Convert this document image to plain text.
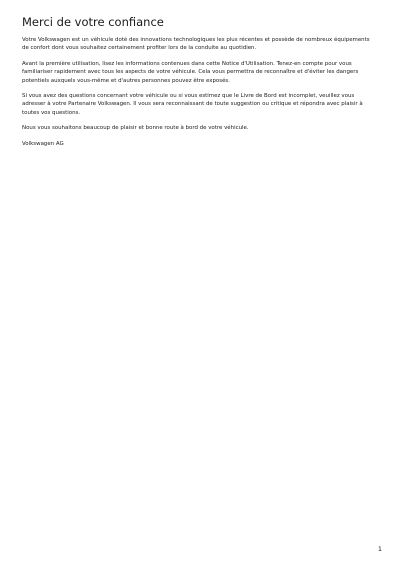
Merci de votre confiance

Votre Volkswagen est un véhicule doté des innovations technologiques les plus récentes et possède de nombreux équipements de confort dont vous souhaitez certainement profiter lors de la conduite au quotidien.

Avant la première utilisation, lisez les informations contenues dans cette Notice d'Utilisation. Tenez-en compte pour vous familiariser rapidement avec tous les aspects de votre véhicule. Cela vous permettra de reconnaître et d'éviter les dangers potentiels auxquels vous-même et d'autres personnes pouvez être exposés.

Si vous avez des questions concernant votre véhicule ou si vous estimez que le Livre de Bord est incomplet, veuillez vous adresser à votre Partenaire Volkswagen. Il vous sera reconnaissant de toute suggestion ou critique et répondra avec plaisir à toutes vos questions.

Nous vous souhaitons beaucoup de plaisir et bonne route à bord de votre véhicule.

Volkswagen AG

1
